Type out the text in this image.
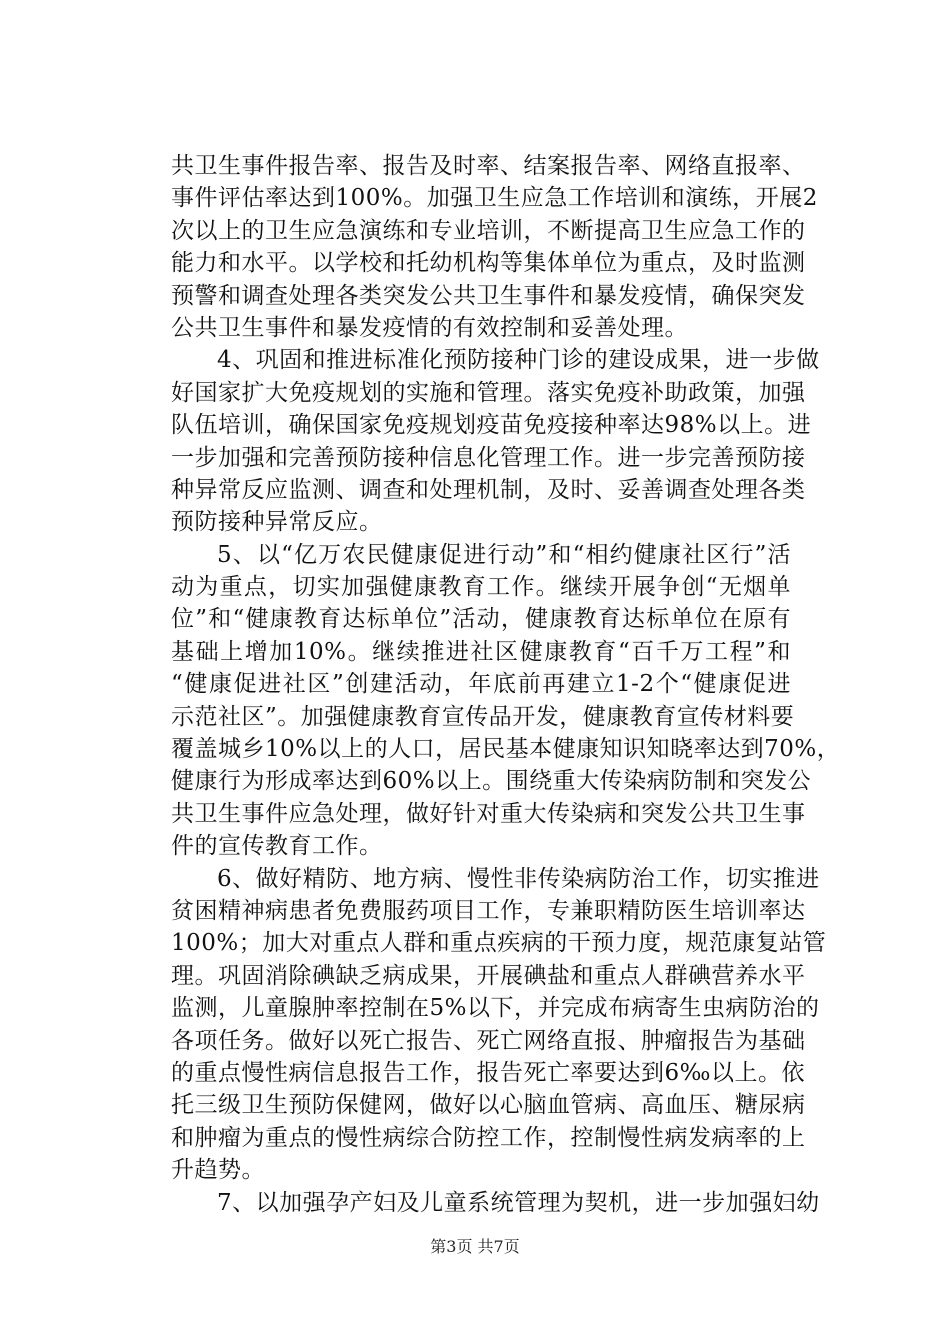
共卫生事件报告率、报告及时率、结案报告率、网络直报率、
事件评估率达到100%。加强卫生应急工作培训和演练，开展2
次以上的卫生应急演练和专业培训，不断提高卫生应急工作的
能力和水平。以学校和托幼机构等集体单位为重点，及时监测
预警和调查处理各类突发公共卫生事件和暴发疫情，确保突发
公共卫生事件和暴发疫情的有效控制和妥善处理。
4、巩固和推进标准化预防接种门诊的建设成果，进一步做
好国家扩大免疫规划的实施和管理。落实免疫补助政策，加强
队伍培训，确保国家免疫规划疫苗免疫接种率达98%以上。进
一步加强和完善预防接种信息化管理工作。进一步完善预防接
种异常反应监测、调查和处理机制，及时、妥善调查处理各类
预防接种异常反应。
5、以“亿万农民健康促进行动”和“相约健康社区行”活
动为重点，切实加强健康教育工作。继续开展争创“无烟单
位”和“健康教育达标单位”活动，健康教育达标单位在原有
基础上增加10%。继续推进社区健康教育“百千万工程”和
“健康促进社区”创建活动，年底前再建立1-2个“健康促进
示范社区”。加强健康教育宣传品开发，健康教育宣传材料要
覆盖城乡10%以上的人口，居民基本健康知识知晓率达到70%，
健康行为形成率达到60%以上。围绕重大传染病防制和突发公
共卫生事件应急处理，做好针对重大传染病和突发公共卫生事
件的宣传教育工作。
6、做好精防、地方病、慢性非传染病防治工作，切实推进
贫困精神病患者免费服药项目工作，专兼职精防医生培训率达
100%；加大对重点人群和重点疾病的干预力度，规范康复站管
理。巩固消除碘缺乏病成果，开展碘盐和重点人群碘营养水平
监测，儿童腺肿率控制在5%以下，并完成布病寄生虫病防治的
各项任务。做好以死亡报告、死亡网络直报、肿瘤报告为基础
的重点慢性病信息报告工作，报告死亡率要达到6‰以上。依
托三级卫生预防保健网，做好以心脑血管病、高血压、糖尿病
和肿瘤为重点的慢性病综合防控工作，控制慢性病发病率的上
升趋势。
7、以加强孕产妇及儿童系统管理为契机，进一步加强妇幼
第3页 共7页
